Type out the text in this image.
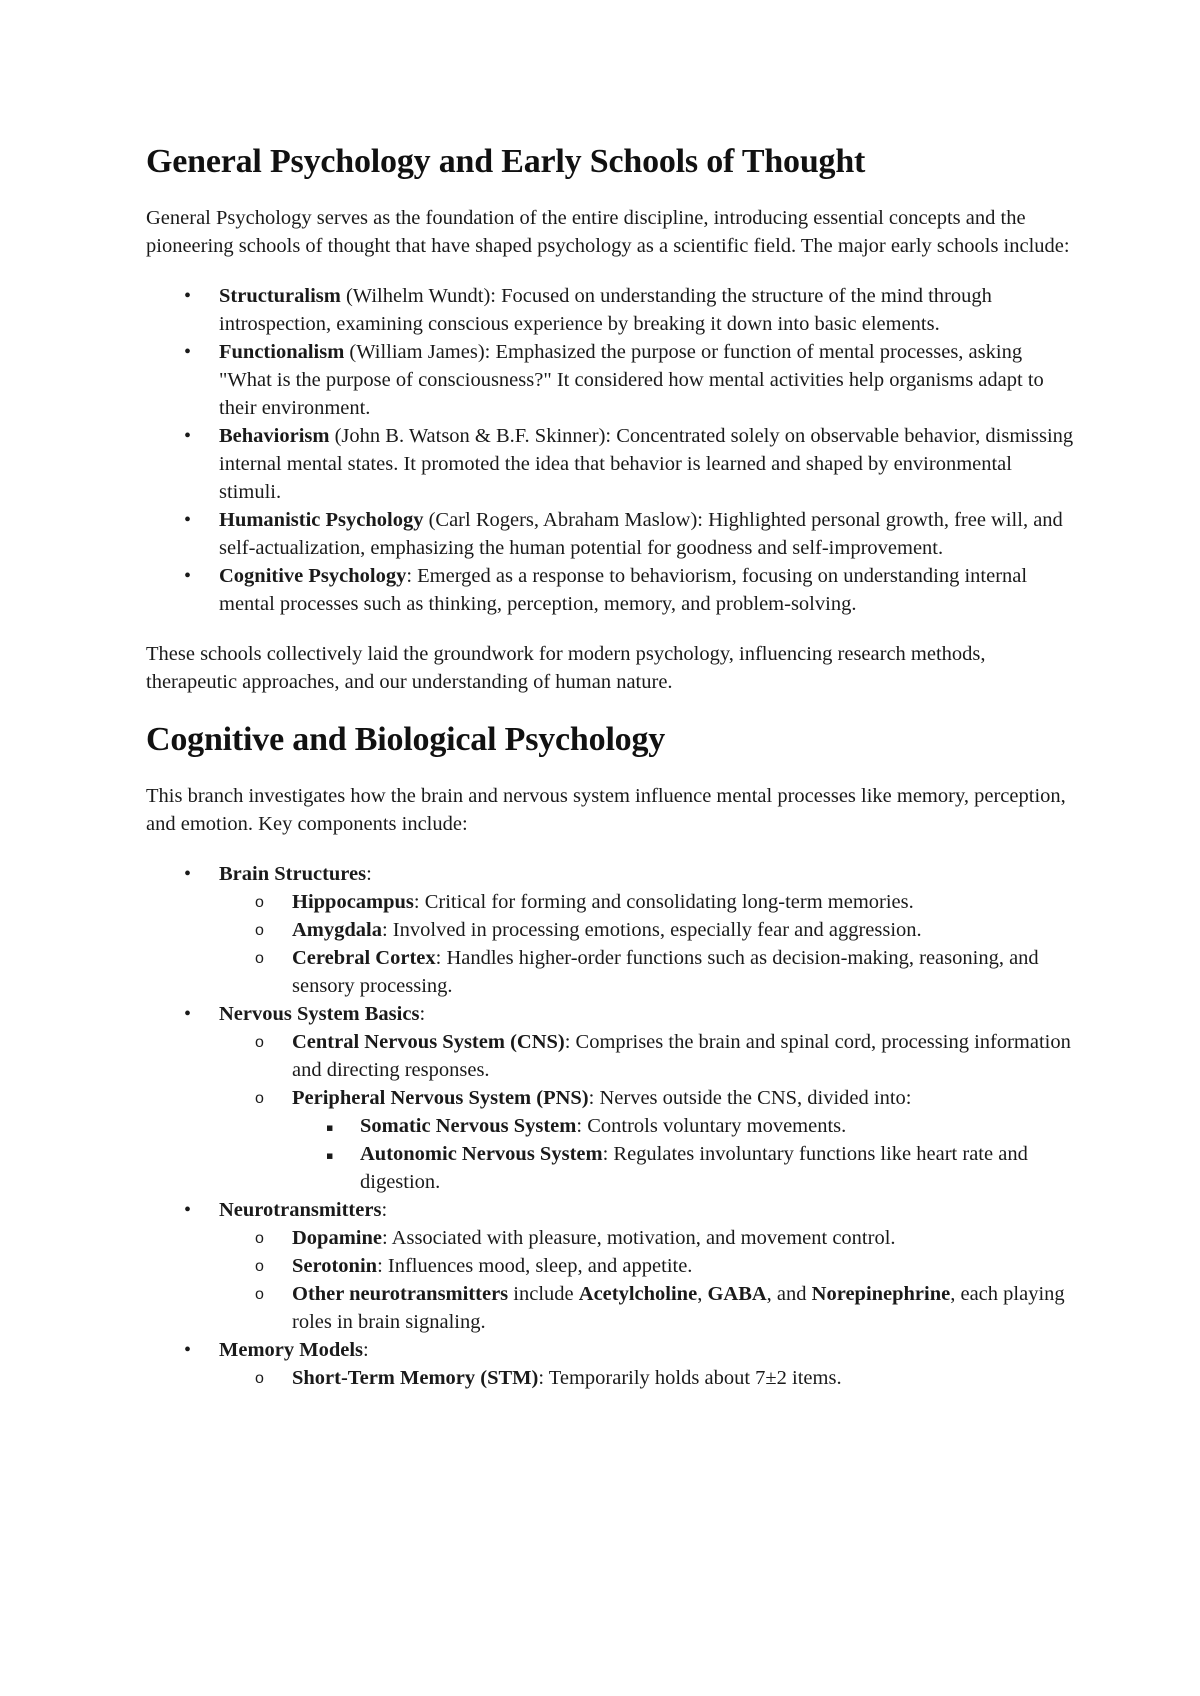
General Psychology and Early Schools of Thought

General Psychology serves as the foundation of the entire discipline, introducing essential concepts and the pioneering schools of thought that have shaped psychology as a scientific field. The major early schools include:

• Structuralism (Wilhelm Wundt): Focused on understanding the structure of the mind through introspection, examining conscious experience by breaking it down into basic elements.
• Functionalism (William James): Emphasized the purpose or function of mental processes, asking "What is the purpose of consciousness?" It considered how mental activities help organisms adapt to their environment.
• Behaviorism (John B. Watson & B.F. Skinner): Concentrated solely on observable behavior, dismissing internal mental states. It promoted the idea that behavior is learned and shaped by environmental stimuli.
• Humanistic Psychology (Carl Rogers, Abraham Maslow): Highlighted personal growth, free will, and self-actualization, emphasizing the human potential for goodness and self-improvement.
• Cognitive Psychology: Emerged as a response to behaviorism, focusing on understanding internal mental processes such as thinking, perception, memory, and problem-solving.

These schools collectively laid the groundwork for modern psychology, influencing research methods, therapeutic approaches, and our understanding of human nature.

Cognitive and Biological Psychology

This branch investigates how the brain and nervous system influence mental processes like memory, perception, and emotion. Key components include:

• Brain Structures:
o Hippocampus: Critical for forming and consolidating long-term memories.
o Amygdala: Involved in processing emotions, especially fear and aggression.
o Cerebral Cortex: Handles higher-order functions such as decision-making, reasoning, and sensory processing.
• Nervous System Basics:
o Central Nervous System (CNS): Comprises the brain and spinal cord, processing information and directing responses.
o Peripheral Nervous System (PNS): Nerves outside the CNS, divided into:
▪ Somatic Nervous System: Controls voluntary movements.
▪ Autonomic Nervous System: Regulates involuntary functions like heart rate and digestion.
• Neurotransmitters:
o Dopamine: Associated with pleasure, motivation, and movement control.
o Serotonin: Influences mood, sleep, and appetite.
o Other neurotransmitters include Acetylcholine, GABA, and Norepinephrine, each playing roles in brain signaling.
• Memory Models:
o Short-Term Memory (STM): Temporarily holds about 7±2 items.
